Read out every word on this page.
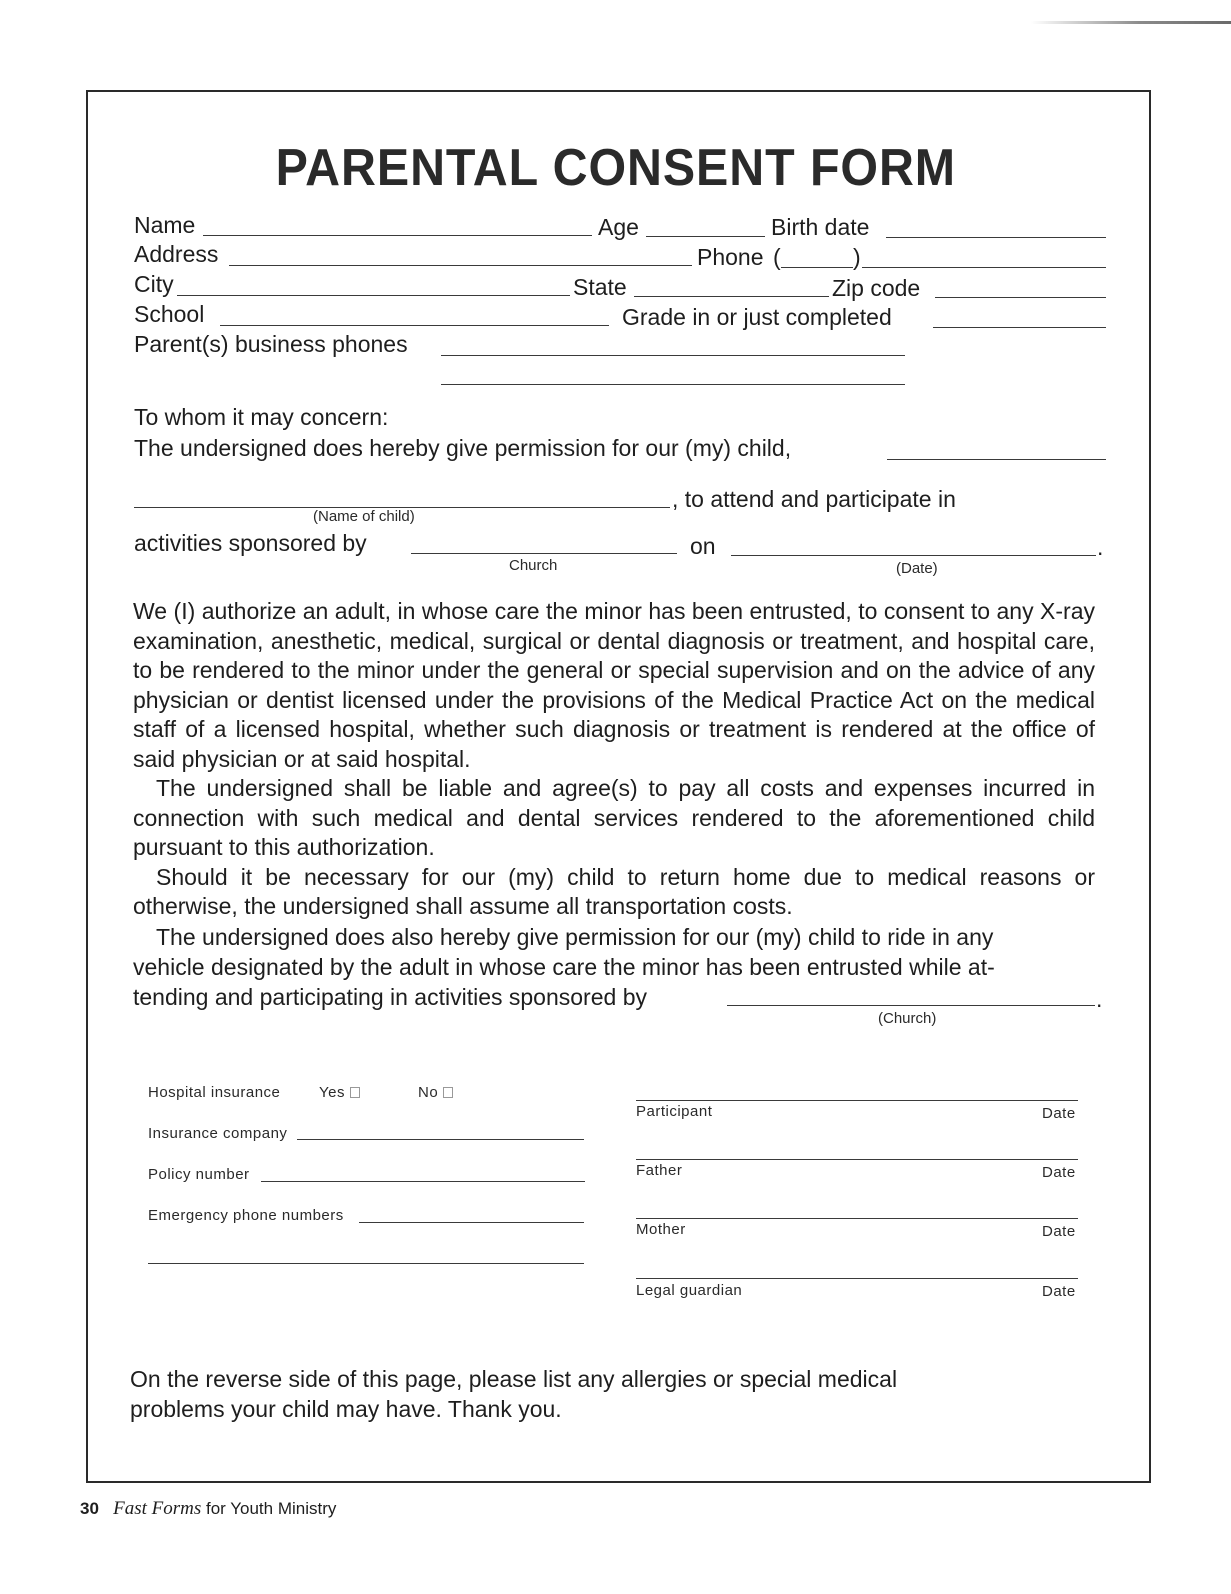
PARENTAL CONSENT FORM
Name	Age	Birth date
Address	Phone (	)
City	State	Zip code
School	Grade in or just completed
Parent(s) business phones
To whom it may concern:
The undersigned does hereby give permission for our (my) child,
, to attend and participate in
(Name of child)
activities sponsored by
Church
on	.
(Date)

We (I) authorize an adult, in whose care the minor has been entrusted, to consent to any X-ray examination, anesthetic, medical, surgical or dental diagnosis or treatment, and hospital care, to be rendered to the minor under the general or special supervision and on the advice of any physician or dentist licensed under the provisions of the Medical Practice Act on the medical staff of a licensed hospital, whether such diagnosis or treatment is rendered at the office of said physician or at said hospital.

The undersigned shall be liable and agree(s) to pay all costs and expenses incurred in connection with such medical and dental services rendered to the aforementioned child pursuant to this authorization.

Should it be necessary for our (my) child to return home due to medical reasons or otherwise, the undersigned shall assume all transportation costs.

The undersigned does also hereby give permission for our (my) child to ride in any
vehicle designated by the adult in whose care the minor has been entrusted while at-
tending and participating in activities sponsored by	.
(Church)
Hospital insurance	Yes	No
Insurance company
Policy number
Emergency phone numbers
Participant	Date
Father	Date
Mother	Date
Legal guardian	Date
On the reverse side of this page, please list any allergies or special medical
problems your child may have. Thank you.
30 Fast Forms for Youth Ministry
